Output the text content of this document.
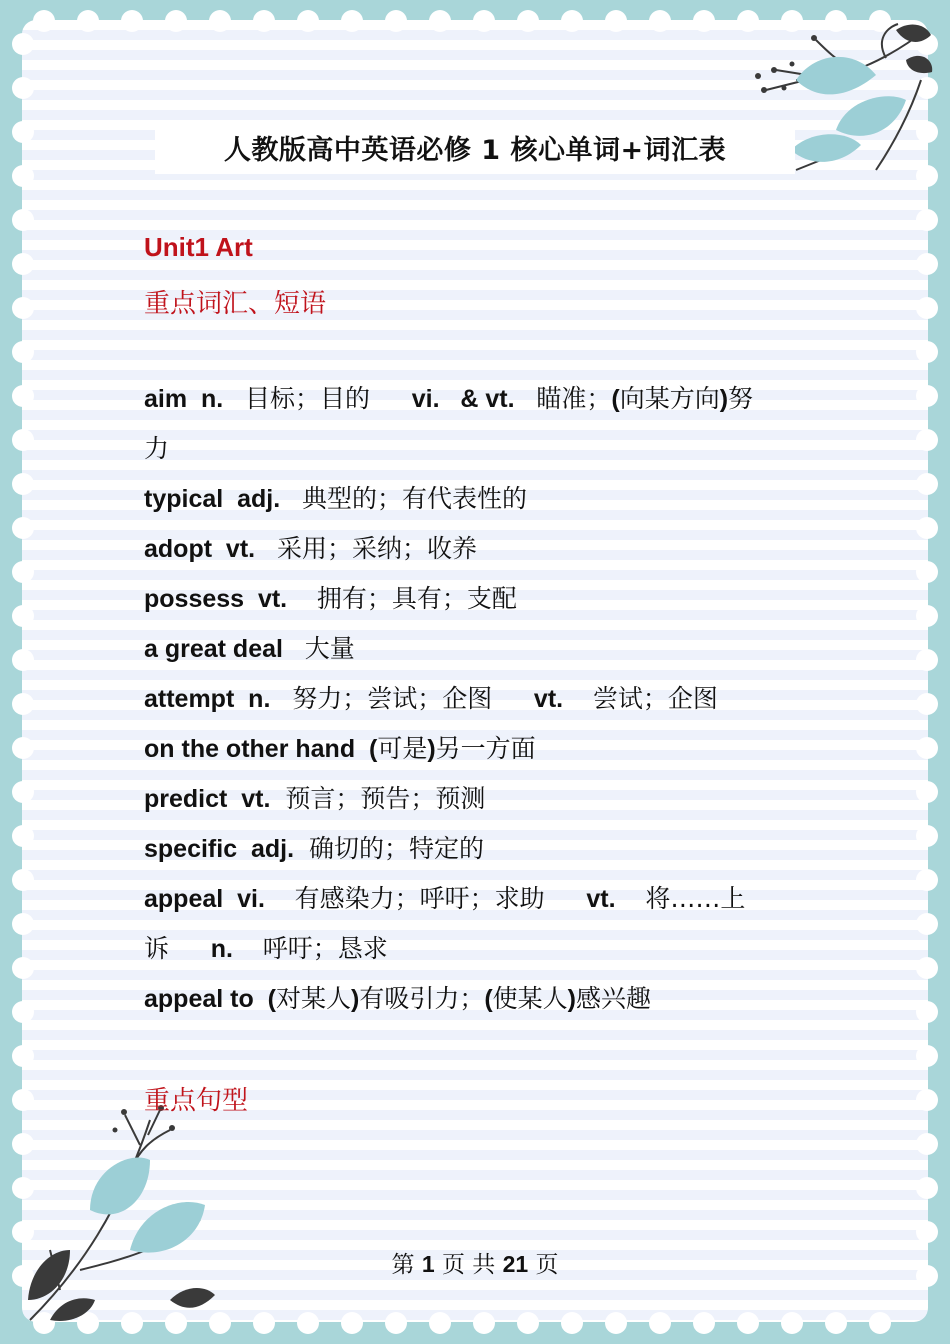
人教版高中英语必修 1 核心单词+词汇表
Unit1 Art
重点词汇、短语
aim  n.   目标；目的      vi.   & vt.   瞄准；(向某方向)努
力
typical  adj.   典型的；有代表性的
adopt  vt.   采用；采纳；收养
possess  vt.    拥有；具有；支配
a great deal   大量
attempt  n.   努力；尝试；企图      vt.    尝试；企图
on the other hand  (可是)另一方面
predict  vt.  预言；预告；预测
specific  adj.  确切的；特定的
appeal  vi.    有感染力；呼吁；求助      vt.    将……上
诉      n.    呼吁；恳求
appeal to  (对某人)有吸引力；(使某人)感兴趣
重点句型
第 1 页 共 21 页
